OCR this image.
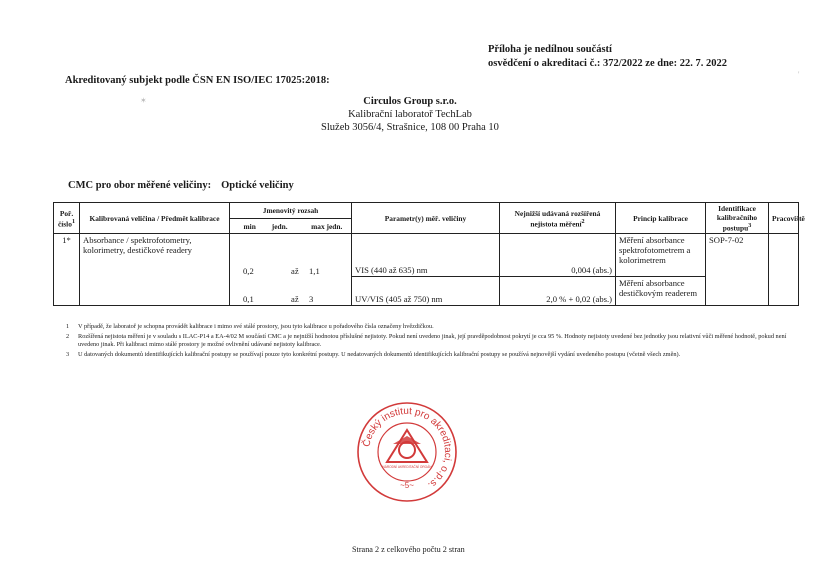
Příloha je nedílnou součástí
osvědčení o akreditaci č.: 372/2022 ze dne: 22. 7. 2022
Akreditovaný subjekt podle ČSN EN ISO/IEC 17025:2018:
✶
'
Circulos Group s.r.o.
Kalibrační laboratoř TechLab
Služeb 3056/4, Strašnice, 108 00 Praha 10
CMC pro obor měřené veličiny: Optické veličiny
Poř. číslo$^1$	Kalibrovaná veličina / Předmět kalibrace	Jmenovitý rozsah	Parametr(y) měř. veličiny	Nejnižší udávaná rozšířená nejistota měření$^2$	Princip kalibrace	Identifikace kalibračního postupu$^3$	Pracoviště
		min jedn. max jedn.					
1*	Absorbance / spektrofotometry, kolorimetry, destičkové readery	0,2 až 1,1	VIS (440 až 635) nm	0,004 (abs.)	Měření absorbance spektrofotometrem a kolorimetrem	SOP-7-02	

		0,1 až 3	UV/VIS (405 až 750) nm	2,0 % + 0,02 (abs.)	Měření absorbance destičkovým readerem		
1	V případě, že laboratoř je schopna provádět kalibrace i mimo své stálé prostory, jsou tyto kalibrace u pořadového čísla označeny hvězdičkou.
2	Rozšířená nejistota měření je v souladu s ILAC-P14 a EA-4/02 M součástí CMC a je nejnižší hodnotou příslušné nejistoty. Pokud není uvedeno jinak, její pravděpodobnost pokrytí je cca 95 %. Hodnoty nejistoty uvedené bez jednotky jsou relativní vůči měřené hodnotě, pokud není uvedeno jinak. Při kalibraci mimo stálé prostory je možné ovlivnění udávané nejistoty kalibrace.
3	U datovaných dokumentů identifikujících kalibrační postupy se používají pouze tyto konkrétní postupy. U nedatovaných dokumentů identifikujících kalibrační postupy se používá nejnovější vydání uvedeného postupu (včetně všech změn).
Český institut pro akreditaci, o.p.s.
NÁRODNÍ AKREDITAČNÍ ORGÁN
~5~
Strana 2 z celkového počtu 2 stran
